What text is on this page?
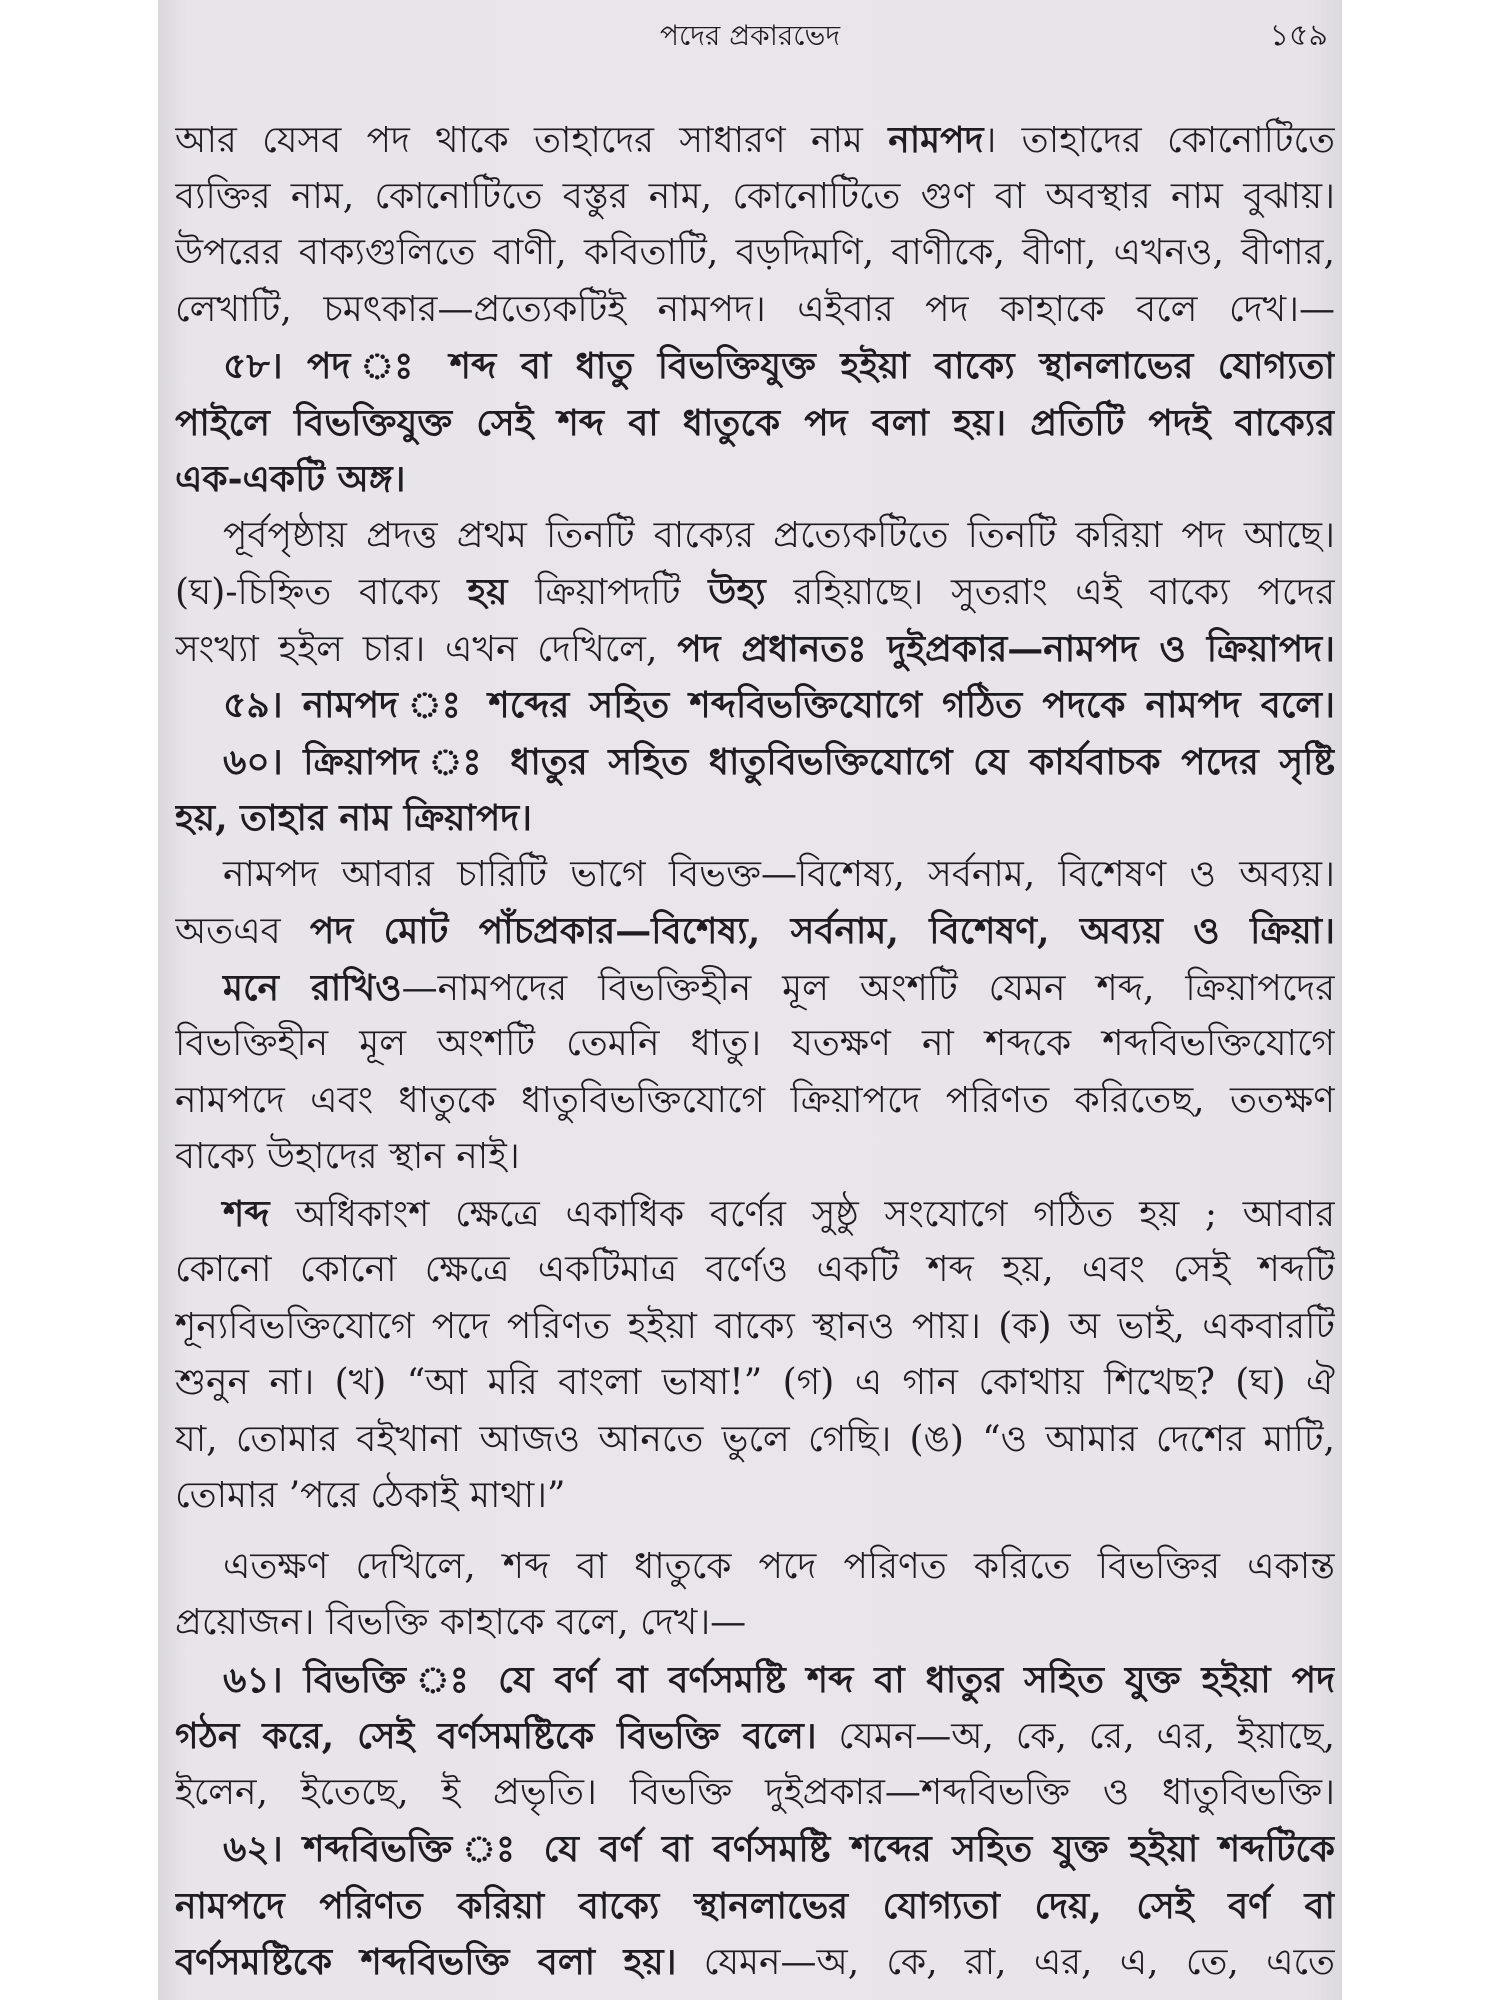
পদের প্রকারভেদ	১৫৯
আর যেসব পদ থাকে তাহাদের সাধারণ নাম নামপদ। তাহাদের কোনোটিতে
ব্যক্তির নাম, কোনোটিতে বস্তুর নাম, কোনোটিতে গুণ বা অবস্থার নাম বুঝায়।
উপরের বাক্যগুলিতে বাণী, কবিতাটি, বড়দিমণি, বাণীকে, বীণা, এখনও, বীণার,
লেখাটি, চমৎকার—প্রত্যেকটিই নামপদ। এইবার পদ কাহাকে বলে দেখ।—
৫৮। পদ ঃ শব্দ বা ধাতু বিভক্তিযুক্ত হইয়া বাক্যে স্থানলাভের যোগ্যতা
পাইলে বিভক্তিযুক্ত সেই শব্দ বা ধাতুকে পদ বলা হয়। প্রতিটি পদই বাক্যের
এক-একটি অঙ্গ।
পূর্বপৃষ্ঠায় প্রদত্ত প্রথম তিনটি বাক্যের প্রত্যেকটিতে তিনটি করিয়া পদ আছে।
(ঘ)-চিহ্নিত বাক্যে হয় ক্রিয়াপদটি উহ্য রহিয়াছে। সুতরাং এই বাক্যে পদের
সংখ্যা হইল চার। এখন দেখিলে, পদ প্রধানতঃ দুইপ্রকার—নামপদ ও ক্রিয়াপদ।
৫৯। নামপদ ঃ শব্দের সহিত শব্দবিভক্তিযোগে গঠিত পদকে নামপদ বলে।
৬০। ক্রিয়াপদ ঃ ধাতুর সহিত ধাতুবিভক্তিযোগে যে কার্যবাচক পদের সৃষ্টি
হয়, তাহার নাম ক্রিয়াপদ।
নামপদ আবার চারিটি ভাগে বিভক্ত—বিশেষ্য, সর্বনাম, বিশেষণ ও অব্যয়।
অতএব পদ মোট পাঁচপ্রকার—বিশেষ্য, সর্বনাম, বিশেষণ, অব্যয় ও ক্রিয়া।
মনে রাখিও—নামপদের বিভক্তিহীন মূল অংশটি যেমন শব্দ, ক্রিয়াপদের
বিভক্তিহীন মূল অংশটি তেমনি ধাতু। যতক্ষণ না শব্দকে শব্দবিভক্তিযোগে
নামপদে এবং ধাতুকে ধাতুবিভক্তিযোগে ক্রিয়াপদে পরিণত করিতেছ, ততক্ষণ
বাক্যে উহাদের স্থান নাই।
শব্দ অধিকাংশ ক্ষেত্রে একাধিক বর্ণের সুষ্ঠু সংযোগে গঠিত হয় ; আবার
কোনো কোনো ক্ষেত্রে একটিমাত্র বর্ণেও একটি শব্দ হয়, এবং সেই শব্দটি
শূন্যবিভক্তিযোগে পদে পরিণত হইয়া বাক্যে স্থানও পায়। (ক) অ ভাই, একবারটি
শুনুন না। (খ) “আ মরি বাংলা ভাষা!” (গ) এ গান কোথায় শিখেছ? (ঘ) ঐ
যা, তোমার বইখানা আজও আনতে ভুলে গেছি। (ঙ) “ও আমার দেশের মাটি,
তোমার ’পরে ঠেকাই মাথা।”
এতক্ষণ দেখিলে, শব্দ বা ধাতুকে পদে পরিণত করিতে বিভক্তির একান্ত
প্রয়োজন। বিভক্তি কাহাকে বলে, দেখ।—
৬১। বিভক্তি ঃ যে বর্ণ বা বর্ণসমষ্টি শব্দ বা ধাতুর সহিত যুক্ত হইয়া পদ
গঠন করে, সেই বর্ণসমষ্টিকে বিভক্তি বলে। যেমন—অ, কে, রে, এর, ইয়াছে,
ইলেন, ইতেছে, ই প্রভৃতি। বিভক্তি দুইপ্রকার—শব্দবিভক্তি ও ধাতুবিভক্তি।
৬২। শব্দবিভক্তি ঃ যে বর্ণ বা বর্ণসমষ্টি শব্দের সহিত যুক্ত হইয়া শব্দটিকে
নামপদে পরিণত করিয়া বাক্যে স্থানলাভের যোগ্যতা দেয়, সেই বর্ণ বা
বর্ণসমষ্টিকে শব্দবিভক্তি বলা হয়। যেমন—অ, কে, রা, এর, এ, তে, এতে
